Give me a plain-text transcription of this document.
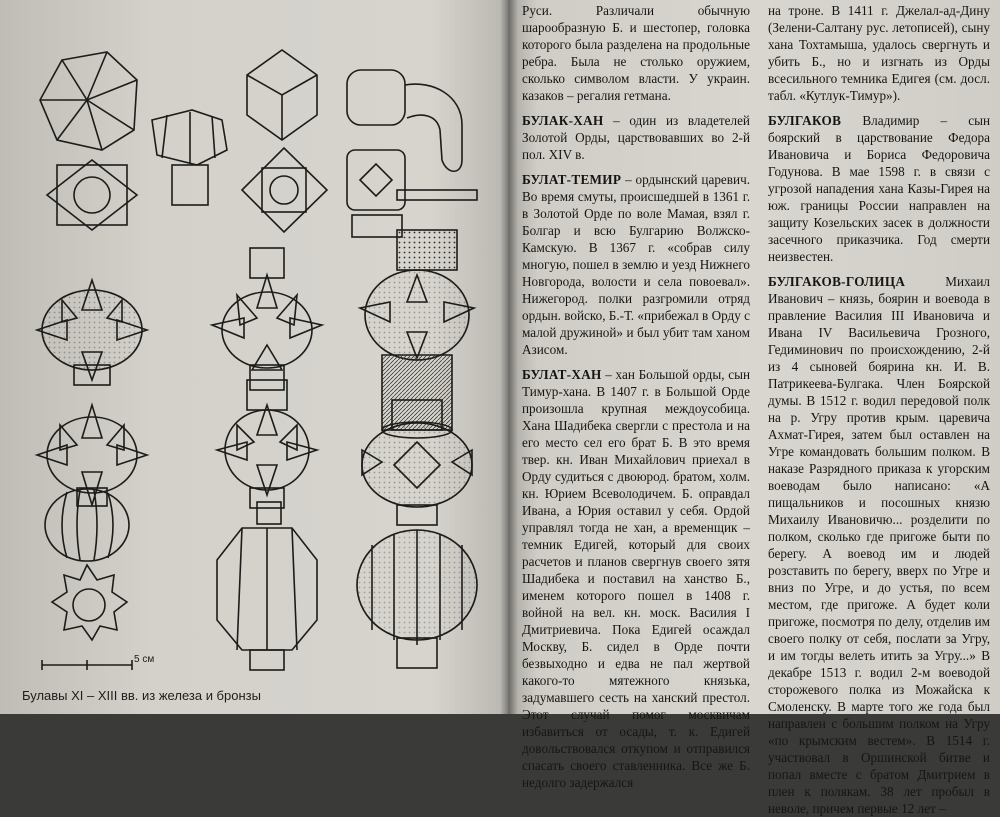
5 см
Булавы XI – XIII вв. из железа и бронзы

Руси. Различали обычную шарообразную Б. и шестопер, головка которого была разделена на продольные ребра. Была не столько оружием, сколько символом власти. У украин. казаков – регалия гетмана.

БУЛАК-ХАН – один из владетелей Золотой Орды, царствовавших во 2-й пол. XIV в.

БУЛАТ-ТЕМИР – ордынский царевич. Во время смуты, происшедшей в 1361 г. в Золотой Орде по воле Мамая, взял г. Болгар и всю Булгарию Волжско-Камскую. В 1367 г. «собрав силу многую, пошел в землю и уезд Нижнего Новгорода, волости и села повоевал». Нижегород. полки разгромили отряд ордын. войско, Б.-Т. «прибежал в Орду с малой дружиной» и был убит там ханом Азисом.

БУЛАТ-ХАН – хан Большой орды, сын Тимур-хана. В 1407 г. в Большой Орде произошла крупная междоусобица. Хана Шадибека свергли с престола и на его место сел его брат Б. В это время твер. кн. Иван Михайлович приехал в Орду судиться с двоюрод. братом, холм. кн. Юрием Всеволодичем. Б. оправдал Ивана, а Юрия оставил у себя. Ордой управлял тогда не хан, а временщик – темник Едигей, который для своих расчетов и планов свергнув своего зятя Шадибека и поставил на ханство Б., именем которого пошел в 1408 г. войной на вел. кн. моск. Василия I Дмитриевича. Пока Едигей осаждал Москву, Б. сидел в Орде почти безвыходно и едва не пал жертвой какого-то мятежного князька, задумавшего сесть на ханский престол. Этот случай помог москвичам избавиться от осады, т. к. Едигей довольствовался откупом и отправился спасать своего ставленника. Все же Б. недолго задержался

на троне. В 1411 г. Джелал-ад-Дину (Зелени-Салтану рус. летописей), сыну хана Тохтамыша, удалось свергнуть и убить Б., но и изгнать из Орды всесильного темника Едигея (см. досл. табл. «Кутлук-Тимур»).

БУЛГАКОВ Владимир – сын боярский в царствование Федора Ивановича и Бориса Федоровича Годунова. В мае 1598 г. в связи с угрозой нападения хана Казы-Гирея на юж. границы России направлен на защиту Козельских засек в должности засечного приказчика. Год смерти неизвестен.

БУЛГАКОВ-ГОЛИЦА Михаил Иванович – князь, боярин и воевода в правление Василия III Ивановича и Ивана IV Васильевича Грозного, Гедиминович по происхождению, 2-й из 4 сыновей боярина кн. И. В. Патрикеева-Булгака. Член Боярской думы. В 1512 г. водил передовой полк на р. Угру против крым. царевича Ахмат-Гирея, затем был оставлен на Угре командовать большим полком. В наказе Разрядного приказа к угорским воеводам было написано: «А пищальников и посошных князю Михаилу Ивановичю... розделити по полком, сколько где пригоже быти по берегу. А воевод им и людей розставить по берегу, вверх по Угре и вниз по Угре, и до устья, по всем местом, где пригоже. А будет коли пригоже, посмотря по делу, отделив им своего полку от себя, послати за Угру, и им тогды велеть итить за Угру...» В декабре 1513 г. водил 2-м воеводой сторожевого полка из Можайска к Смоленску. В марте того же года был направлен с большим полком на Угру «по крымским вестем». В 1514 г. участвовал в Оршинской битве и попал вместе с братом Дмитрием в плен к полякам. 38 лет пробыл в неволе, причем первые 12 лет –
